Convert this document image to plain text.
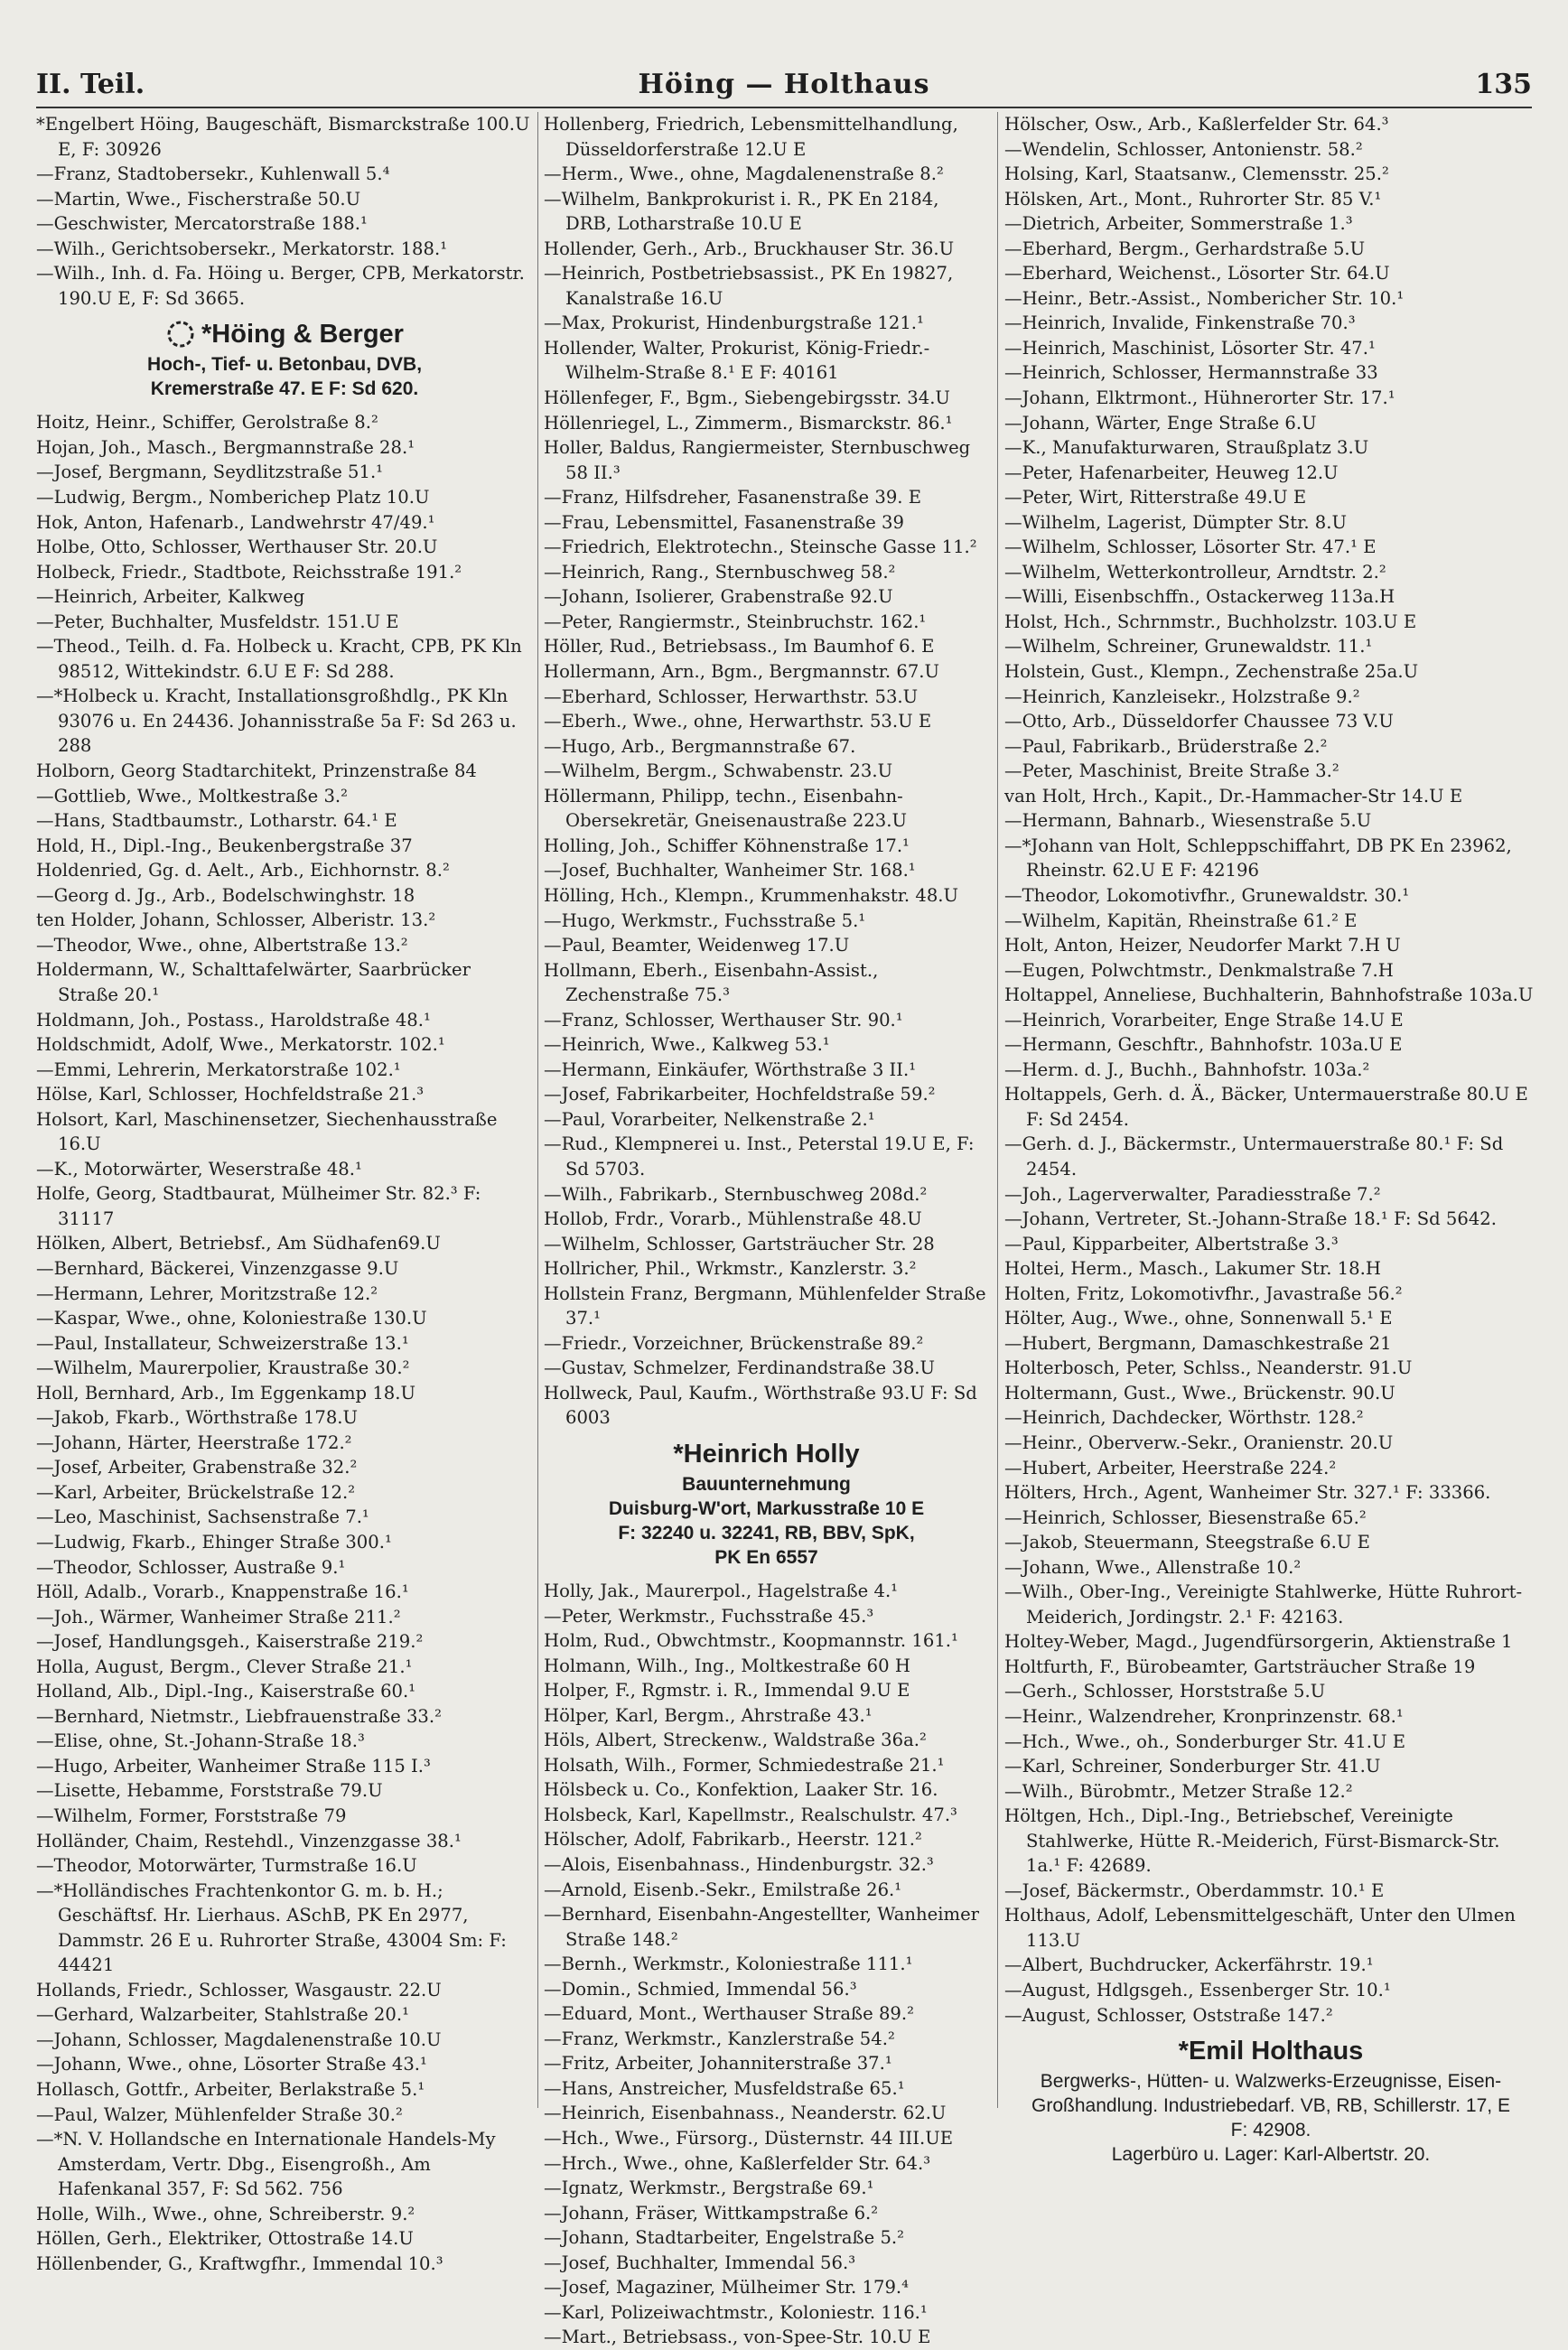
II. Teil.	Höing — Holthaus	135
*Engelbert Höing, Baugeschäft, Bismarckstraße 100.U E, F: 30926
—Franz, Stadtobersekr., Kuhlenwall 5.⁴
—Martin, Wwe., Fischerstraße 50.U
—Geschwister, Mercatorstraße 188.¹
—Wilh., Gerichtsobersekr., Merkatorstr. 188.¹
—Wilh., Inh. d. Fa. Höing u. Berger, CPB, Merkatorstr. 190.U E, F: Sd 3665.
*Höing & Berger
Hoch-, Tief- u. Betonbau, DVB,
Kremerstraße 47. E F: Sd 620.
Hoitz, Heinr., Schiffer, Gerolstraße 8.²
Hojan, Joh., Masch., Bergmannstraße 28.¹
—Josef, Bergmann, Seydlitzstraße 51.¹
—Ludwig, Bergm., Nomberichер Platz 10.U
Hok, Anton, Hafenarb., Landwehrstr 47/49.¹
Holbe, Otto, Schlosser, Werthauser Str. 20.U
Holbeck, Friedr., Stadtbote, Reichsstraße 191.²
—Heinrich, Arbeiter, Kalkweg
—Peter, Buchhalter, Musfeldstr. 151.U E
—Theod., Teilh. d. Fa. Holbeck u. Kracht, CPB, PK Kln 98512, Wittekindstr. 6.U E F: Sd 288.
—*Holbeck u. Kracht, Installationsgroßhdlg., PK Kln 93076 u. En 24436. Johannisstraße 5a F: Sd 263 u. 288
Holborn, Georg Stadtarchitekt, Prinzenstraße 84
—Gottlieb, Wwe., Moltkestraße 3.²
—Hans, Stadtbaumstr., Lotharstr. 64.¹ E
Hold, H., Dipl.-Ing., Beukenbergstraße 37
Holdenried, Gg. d. Aelt., Arb., Eichhornstr. 8.²
—Georg d. Jg., Arb., Bodelschwinghstr. 18
ten Holder, Johann, Schlosser, Alberistr. 13.²
—Theodor, Wwe., ohne, Albertstraße 13.²
Holdermann, W., Schalttafelwärter, Saarbrücker Straße 20.¹
Holdmann, Joh., Postass., Haroldstraße 48.¹
Holdschmidt, Adolf, Wwe., Merkatorstr. 102.¹
—Emmi, Lehrerin, Merkatorstraße 102.¹
Hölse, Karl, Schlosser, Hochfeldstraße 21.³
Holsort, Karl, Maschinensetzer, Siechenhausstraße 16.U
—K., Motorwärter, Weserstraße 48.¹
Holfe, Georg, Stadtbaurat, Mülheimer Str. 82.³ F: 31117
Hölken, Albert, Betriebsf., Am Südhafen69.U
—Bernhard, Bäckerei, Vinzenzgasse 9.U
—Hermann, Lehrer, Moritzstraße 12.²
—Kaspar, Wwe., ohne, Koloniestraße 130.U
—Paul, Installateur, Schweizerstraße 13.¹
—Wilhelm, Maurerpolier, Kraustraße 30.²
Holl, Bernhard, Arb., Im Eggenkamp 18.U
—Jakob, Fkarb., Wörthstraße 178.U
—Johann, Härter, Heerstraße 172.²
—Josef, Arbeiter, Grabenstraße 32.²
—Karl, Arbeiter, Brückelstraße 12.²
—Leo, Maschinist, Sachsenstraße 7.¹
—Ludwig, Fkarb., Ehinger Straße 300.¹
—Theodor, Schlosser, Austraße 9.¹
Höll, Adalb., Vorarb., Knappenstraße 16.¹
—Joh., Wärmer, Wanheimer Straße 211.²
—Josef, Handlungsgeh., Kaiserstraße 219.²
Holla, August, Bergm., Clever Straße 21.¹
Holland, Alb., Dipl.-Ing., Kaiserstraße 60.¹
—Bernhard, Nietmstr., Liebfrauenstraße 33.²
—Elise, ohne, St.-Johann-Straße 18.³
—Hugo, Arbeiter, Wanheimer Straße 115 I.³
—Lisette, Hebamme, Forststraße 79.U
—Wilhelm, Former, Forststraße 79
Holländer, Chaim, Restehdl., Vinzenzgasse 38.¹
—Theodor, Motorwärter, Turmstraße 16.U
—*Holländisches Frachtenkontor G. m. b. H.; Geschäftsf. Hr. Lierhaus. ASchB, PK En 2977, Dammstr. 26 E u. Ruhrorter Straße, 43004 Sm: F: 44421
Hollands, Friedr., Schlosser, Wasgaustr. 22.U
—Gerhard, Walzarbeiter, Stahlstraße 20.¹
—Johann, Schlosser, Magdalenenstraße 10.U
—Johann, Wwe., ohne, Lösorter Straße 43.¹
Hollasch, Gottfr., Arbeiter, Berlakstraße 5.¹
—Paul, Walzer, Mühlenfelder Straße 30.²
—*N. V. Hollandsche en Internationale Handels-My Amsterdam, Vertr. Dbg., Eisengroßh., Am Hafenkanal 357, F: Sd 562. 756
Holle, Wilh., Wwe., ohne, Schreiberstr. 9.²
Höllen, Gerh., Elektriker, Ottostraße 14.U
Höllenbender, G., Kraftwgfhr., Immendal 10.³
Hollenberg, Friedrich, Lebensmittelhandlung, Düsseldorferstraße 12.U E
—Herm., Wwe., ohne, Magdalenenstraße 8.²
—Wilhelm, Bankprokurist i. R., PK En 2184, DRB, Lotharstraße 10.U E
Hollender, Gerh., Arb., Bruckhauser Str. 36.U
—Heinrich, Postbetriebsassist., PK En 19827, Kanalstraße 16.U
—Max, Prokurist, Hindenburgstraße 121.¹
Hollender, Walter, Prokurist, König-Friedr.-Wilhelm-Straße 8.¹ E F: 40161
Höllenfeger, F., Bgm., Siebengebirgsstr. 34.U
Höllenriegel, L., Zimmerm., Bismarckstr. 86.¹
Holler, Baldus, Rangiermeister, Sternbuschweg 58 II.³
—Franz, Hilfsdreher, Fasanenstraße 39. E
—Frau, Lebensmittel, Fasanenstraße 39
—Friedrich, Elektrotechn., Steinsche Gasse 11.²
—Heinrich, Rang., Sternbuschweg 58.²
—Johann, Isolierer, Grabenstraße 92.U
—Peter, Rangiermstr., Steinbruchstr. 162.¹
Höller, Rud., Betriebsass., Im Baumhof 6. E
Hollermann, Arn., Bgm., Bergmannstr. 67.U
—Eberhard, Schlosser, Herwarthstr. 53.U
—Eberh., Wwe., ohne, Herwarthstr. 53.U E
—Hugo, Arb., Bergmannstraße 67.
—Wilhelm, Bergm., Schwabenstr. 23.U
Höllermann, Philipp, techn., Eisenbahn-Obersekretär, Gneisenaustraße 223.U
Holling, Joh., Schiffer Köhnenstraße 17.¹
—Josef, Buchhalter, Wanheimer Str. 168.¹
Hölling, Hch., Klempn., Krummenhakstr. 48.U
—Hugo, Werkmstr., Fuchsstraße 5.¹
—Paul, Beamter, Weidenweg 17.U
Hollmann, Eberh., Eisenbahn-Assist., Zechenstraße 75.³
—Franz, Schlosser, Werthauser Str. 90.¹
—Heinrich, Wwe., Kalkweg 53.¹
—Hermann, Einkäufer, Wörthstraße 3 II.¹
—Josef, Fabrikarbeiter, Hochfeldstraße 59.²
—Paul, Vorarbeiter, Nelkenstraße 2.¹
—Rud., Klempnerei u. Inst., Peterstal 19.U E, F: Sd 5703.
—Wilh., Fabrikarb., Sternbuschweg 208d.²
Hollob, Frdr., Vorarb., Mühlenstraße 48.U
—Wilhelm, Schlosser, Gartsträucher Str. 28
Hollricher, Phil., Wrkmstr., Kanzlerstr. 3.²
Hollstein Franz, Bergmann, Mühlenfelder Straße 37.¹
—Friedr., Vorzeichner, Brückenstraße 89.²
—Gustav, Schmelzer, Ferdinandstraße 38.U
Hollweck, Paul, Kaufm., Wörthstraße 93.U F: Sd 6003
*Heinrich Holly
Bauunternehmung
Duisburg-W'ort, Markusstraße 10 E
F: 32240 u. 32241, RB, BBV, SpK,
PK En 6557
Holly, Jak., Maurerpol., Hagelstraße 4.¹
—Peter, Werkmstr., Fuchsstraße 45.³
Holm, Rud., Obwchtmstr., Koopmannstr. 161.¹
Holmann, Wilh., Ing., Moltkestraße 60 H
Holper, F., Rgmstr. i. R., Immendal 9.U E
Hölper, Karl, Bergm., Ahrstraße 43.¹
Höls, Albert, Streckenw., Waldstraße 36a.²
Holsath, Wilh., Former, Schmiedestraße 21.¹
Hölsbeck u. Co., Konfektion, Laaker Str. 16.
Holsbeck, Karl, Kapellmstr., Realschulstr. 47.³
Hölscher, Adolf, Fabrikarb., Heerstr. 121.²
—Alois, Eisenbahnass., Hindenburgstr. 32.³
—Arnold, Eisenb.-Sekr., Emilstraße 26.¹
—Bernhard, Eisenbahn-Angestellter, Wanheimer Straße 148.²
—Bernh., Werkmstr., Koloniestraße 111.¹
—Domin., Schmied, Immendal 56.³
—Eduard, Mont., Werthauser Straße 89.²
—Franz, Werkmstr., Kanzlerstraße 54.²
—Fritz, Arbeiter, Johanniterstraße 37.¹
—Hans, Anstreicher, Musfeldstraße 65.¹
—Heinrich, Eisenbahnass., Neanderstr. 62.U
—Hch., Wwe., Fürsorg., Düsternstr. 44 III.UE
—Hrch., Wwe., ohne, Kaßlerfelder Str. 64.³
—Ignatz, Werkmstr., Bergstraße 69.¹
—Johann, Fräser, Wittkampstraße 6.²
—Johann, Stadtarbeiter, Engelstraße 5.²
—Josef, Buchhalter, Immendal 56.³
—Josef, Magaziner, Mülheimer Str. 179.⁴
—Karl, Polizeiwachtmstr., Koloniestr. 116.¹
—Mart., Betriebsass., von-Spee-Str. 10.U E
Hölscher, Osw., Arb., Kaßlerfelder Str. 64.³
—Wendelin, Schlosser, Antonienstr. 58.²
Holsing, Karl, Staatsanw., Clemensstr. 25.²
Hölsken, Art., Mont., Ruhrorter Str. 85 V.¹
—Dietrich, Arbeiter, Sommerstraße 1.³
—Eberhard, Bergm., Gerhardstraße 5.U
—Eberhard, Weichenst., Lösorter Str. 64.U
—Heinr., Betr.-Assist., Nombericher Str. 10.¹
—Heinrich, Invalide, Finkenstraße 70.³
—Heinrich, Maschinist, Lösorter Str. 47.¹
—Heinrich, Schlosser, Hermannstraße 33
—Johann, Elktrmont., Hühnerorter Str. 17.¹
—Johann, Wärter, Enge Straße 6.U
—K., Manufakturwaren, Straußplatz 3.U
—Peter, Hafenarbeiter, Heuweg 12.U
—Peter, Wirt, Ritterstraße 49.U E
—Wilhelm, Lagerist, Dümpter Str. 8.U
—Wilhelm, Schlosser, Lösorter Str. 47.¹ E
—Wilhelm, Wetterkontrolleur, Arndtstr. 2.²
—Willi, Eisenbschffn., Ostackerweg 113a.H
Holst, Hch., Schrnmstr., Buchholzstr. 103.U E
—Wilhelm, Schreiner, Grunewaldstr. 11.¹
Holstein, Gust., Klempn., Zechenstraße 25a.U
—Heinrich, Kanzleisekr., Holzstraße 9.²
—Otto, Arb., Düsseldorfer Chaussee 73 V.U
—Paul, Fabrikarb., Brüderstraße 2.²
—Peter, Maschinist, Breite Straße 3.²
van Holt, Hrch., Kapit., Dr.-Hammacher-Str 14.U E
—Hermann, Bahnarb., Wiesenstraße 5.U
—*Johann van Holt, Schleppschiffahrt, DB PK En 23962, Rheinstr. 62.U E F: 42196
—Theodor, Lokomotivfhr., Grunewaldstr. 30.¹
—Wilhelm, Kapitän, Rheinstraße 61.² E
Holt, Anton, Heizer, Neudorfer Markt 7.H U
—Eugen, Polwchtmstr., Denkmalstraße 7.H
Holtappel, Anneliese, Buchhalterin, Bahnhofstraße 103a.U
—Heinrich, Vorarbeiter, Enge Straße 14.U E
—Hermann, Geschftr., Bahnhofstr. 103a.U E
—Herm. d. J., Buchh., Bahnhofstr. 103a.²
Holtappels, Gerh. d. Ä., Bäcker, Untermauerstraße 80.U E F: Sd 2454.
—Gerh. d. J., Bäckermstr., Untermauerstraße 80.¹ F: Sd 2454.
—Joh., Lagerverwalter, Paradiesstraße 7.²
—Johann, Vertreter, St.-Johann-Straße 18.¹ F: Sd 5642.
—Paul, Kipparbeiter, Albertstraße 3.³
Holtei, Herm., Masch., Lakumer Str. 18.H
Holten, Fritz, Lokomotivfhr., Javastraße 56.²
Hölter, Aug., Wwe., ohne, Sonnenwall 5.¹ E
—Hubert, Bergmann, Damaschkestraße 21
Holterbosch, Peter, Schlss., Neanderstr. 91.U
Holtermann, Gust., Wwe., Brückenstr. 90.U
—Heinrich, Dachdecker, Wörthstr. 128.²
—Heinr., Oberverw.-Sekr., Oranienstr. 20.U
—Hubert, Arbeiter, Heerstraße 224.²
Hölters, Hrch., Agent, Wanheimer Str. 327.¹ F: 33366.
—Heinrich, Schlosser, Biesenstraße 65.²
—Jakob, Steuermann, Steegstraße 6.U E
—Johann, Wwe., Allenstraße 10.²
—Wilh., Ober-Ing., Vereinigte Stahlwerke, Hütte Ruhrort-Meiderich, Jordingstr. 2.¹ F: 42163.
Holtey-Weber, Magd., Jugendfürsorgerin, Aktienstraße 1
Holtfurth, F., Bürobeamter, Gartsträucher Straße 19
—Gerh., Schlosser, Horststraße 5.U
—Heinr., Walzendreher, Kronprinzenstr. 68.¹
—Hch., Wwe., oh., Sonderburger Str. 41.U E
—Karl, Schreiner, Sonderburger Str. 41.U
—Wilh., Bürobmtr., Metzer Straße 12.²
Höltgen, Hch., Dipl.-Ing., Betriebschef, Vereinigte Stahlwerke, Hütte R.-Meiderich, Fürst-Bismarck-Str. 1a.¹ F: 42689.
—Josef, Bäckermstr., Oberdammstr. 10.¹ E
Holthaus, Adolf, Lebensmittelgeschäft, Unter den Ulmen 113.U
—Albert, Buchdrucker, Ackerfährstr. 19.¹
—August, Hdlgsgeh., Essenberger Str. 10.¹
—August, Schlosser, Oststraße 147.²
*Emil Holthaus
Bergwerks-, Hütten- u. Walzwerks-Erzeugnisse, Eisen-Großhandlung. Industriebedarf. VB, RB, Schillerstr. 17, E
F: 42908.
Lagerbüro u. Lager: Karl-Albertstr. 20.
